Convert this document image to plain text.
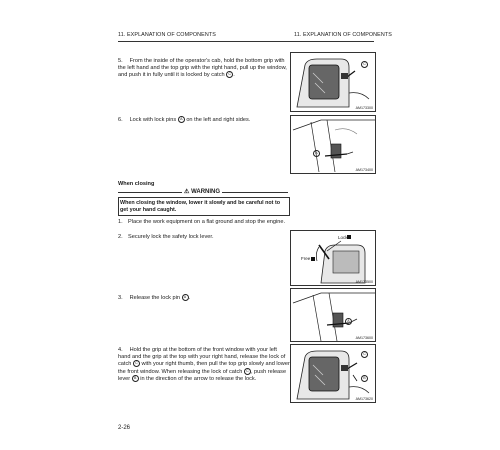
11. EXPLANATION OF COMPONENTS	11. EXPLANATION OF COMPONENTS
5. From the inside of the operator's cab, hold the bottom grip with the left hand and the top grip with the right hand, pull up the window, and push it in fully until it is locked by catch C .
C
AM173300
6. Lock with lock pins A on the left and right sides.
A
AM173400
When closing
⚠ WARNING
When closing the window, lower it slowly and be careful not to get your hand caught.
1. Place the work equipment on a flat ground and stop the engine.
2. Securely lock the safety lock lever.	Lock
Free
AM173500
3. Release the lock pin A .
A
AM173600
4. Hold the grip at the bottom of the front window with your left hand and the grip at the top with your right hand, release the lock of catch C with your right thumb, then pull the top grip slowly and lower the front window. When releasing the lock of catch C , push release lever B in the direction of the arrow to release the lock.
C
B
AM173620
2-26
